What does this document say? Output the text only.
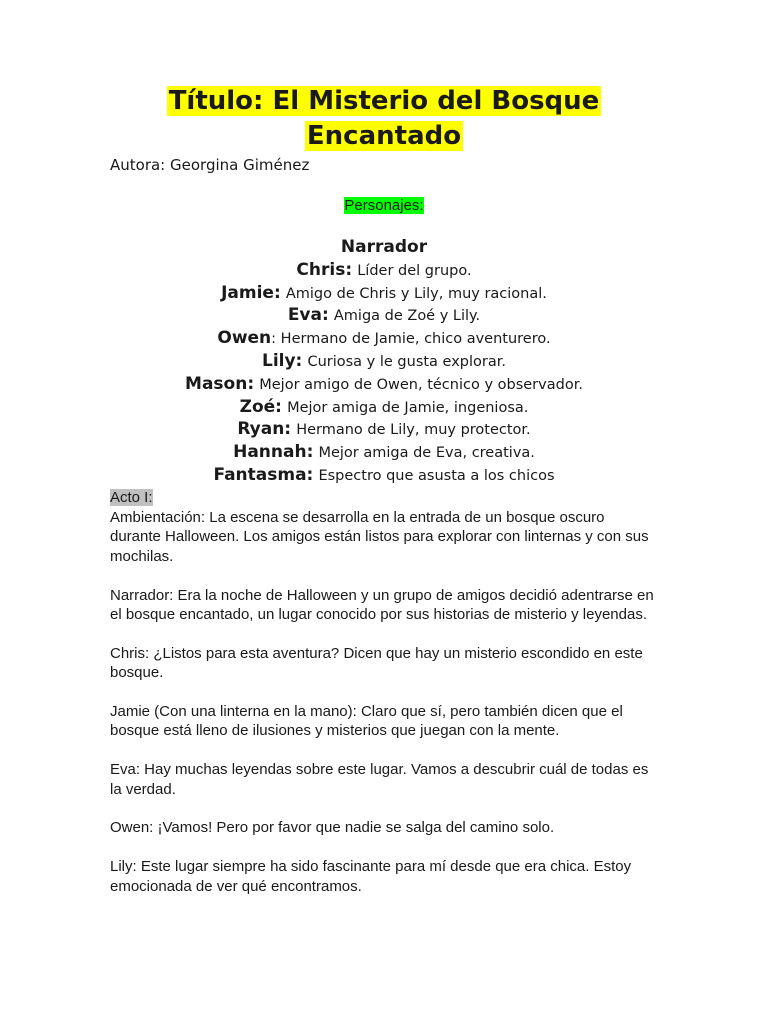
Título: El Misterio del Bosque
Encantado
Autora: Georgina Giménez
Personajes:
Narrador
Chris: Líder del grupo.
Jamie: Amigo de Chris y Lily, muy racional.
Eva: Amiga de Zoé y Lily.
Owen: Hermano de Jamie, chico aventurero.
Lily: Curiosa y le gusta explorar.
Mason: Mejor amigo de Owen, técnico y observador.
Zoé: Mejor amiga de Jamie, ingeniosa.
Ryan: Hermano de Lily, muy protector.
Hannah: Mejor amiga de Eva, creativa.
Fantasma: Espectro que asusta a los chicos
Acto I:

Ambientación: La escena se desarrolla en la entrada de un bosque oscuro durante Halloween. Los amigos están listos para explorar con linternas y con sus mochilas.

Narrador: Era la noche de Halloween y un grupo de amigos decidió adentrarse en el bosque encantado, un lugar conocido por sus historias de misterio y leyendas.

Chris: ¿Listos para esta aventura? Dicen que hay un misterio escondido en este bosque.

Jamie (Con una linterna en la mano): Claro que sí, pero también dicen que el bosque está lleno de ilusiones y misterios que juegan con la mente.

Eva: Hay muchas leyendas sobre este lugar. Vamos a descubrir cuál de todas es la verdad.

Owen: ¡Vamos! Pero por favor que nadie se salga del camino solo.

Lily: Este lugar siempre ha sido fascinante para mí desde que era chica. Estoy emocionada de ver qué encontramos.
